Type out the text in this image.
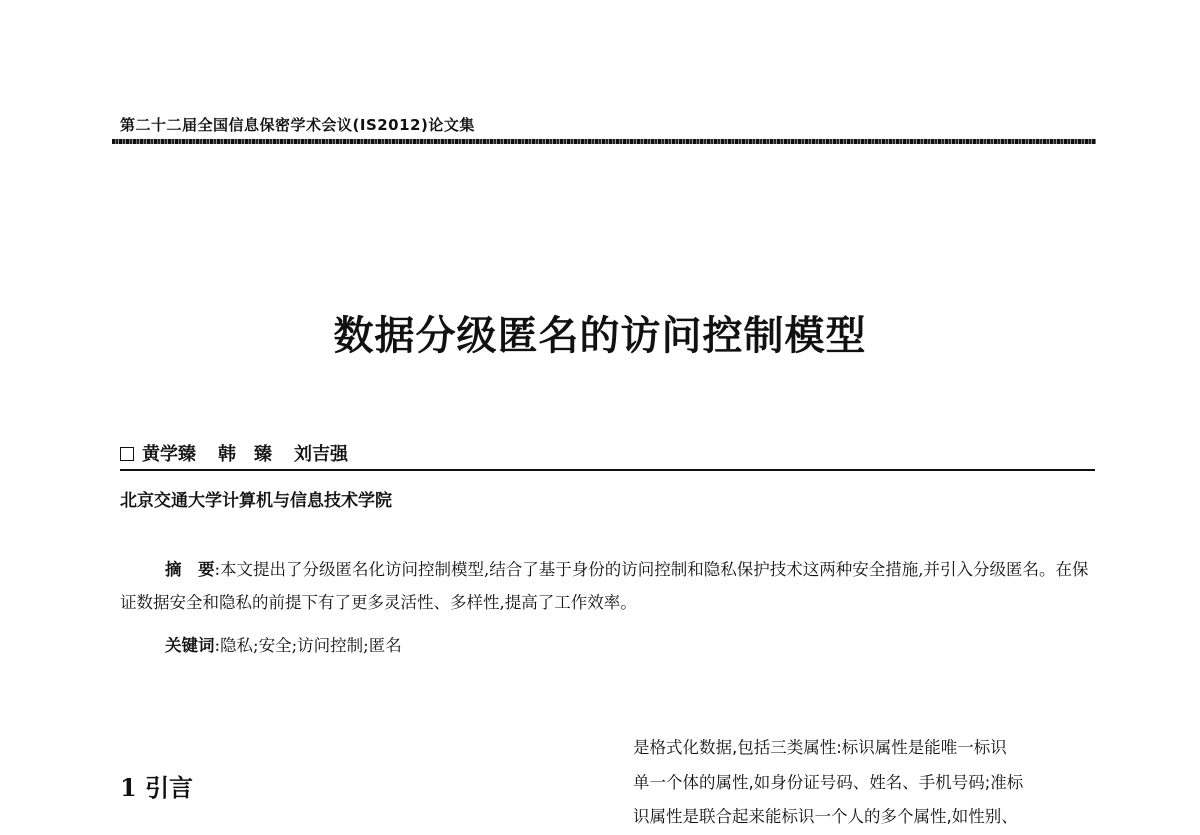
第二十二届全国信息保密学术会议(IS2012)论文集
数据分级匿名的访问控制模型
黄学臻 韩　臻 刘吉强
北京交通大学计算机与信息技术学院

摘　要:本文提出了分级匿名化访问控制模型,结合了基于身份的访问控制和隐私保护技术这两种安全措施,并引入分级匿名。在保证数据安全和隐私的前提下有了更多灵活性、多样性,提高了工作效率。

关键词:隐私;安全;访问控制;匿名
1 引言
是格式化数据,包括三类属性:标识属性是能唯一标识
单一个体的属性,如身份证号码、姓名、手机号码;准标
识属性是联合起来能标识一个人的多个属性,如性别、
